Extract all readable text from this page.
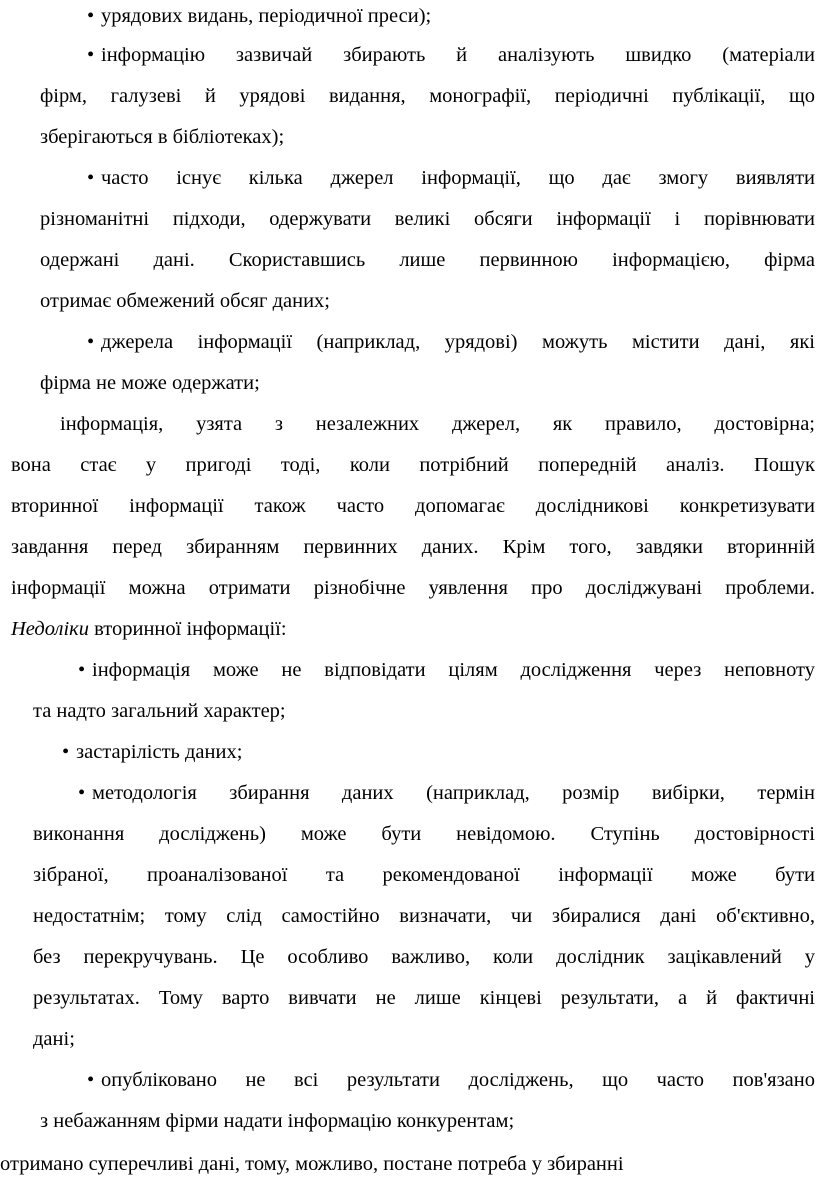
• урядових видань, періодичної преси);
• інформацію зазвичай збирають й аналізують швидко (матеріали
фірм, галузеві й урядові видання, монографії, періодичні публікації, що
зберігаються в бібліотеках);
• часто існує кілька джерел інформації, що дає змогу виявляти
різноманітні підходи, одержувати великі обсяги інформації і порівнювати
одержані дані. Скориставшись лише первинною інформацією, фірма
отримає обмежений обсяг даних;
• джерела інформації (наприклад, урядові) можуть містити дані, які
фірма не може одержати;
інформація, узята з незалежних джерел, як правило, достовірна;
вона стає у пригоді тоді, коли потрібний попередній аналіз. Пошук
вторинної інформації також часто допомагає дослідникові конкретизувати
завдання перед збиранням первинних даних. Крім того, завдяки вторинній
інформації можна отримати різнобічне уявлення про досліджувані проблеми.
Недоліки вторинної інформації:
• інформація може не відповідати цілям дослідження через неповноту
та надто загальний характер;
• застарілість даних;
• методологія збирання даних (наприклад, розмір вибірки, термін
виконання досліджень) може бути невідомою. Ступінь достовірності
зібраної, проаналізованої та рекомендованої інформації може бути
недостатнім; тому слід самостійно визначати, чи збиралися дані об'єктивно,
без перекручувань. Це особливо важливо, коли дослідник зацікавлений у
результатах. Тому варто вивчати не лише кінцеві результати, а й фактичні
дані;
• опубліковано не всі результати досліджень, що часто пов'язано
з небажанням фірми надати інформацію конкурентам;
отримано суперечливі дані, тому, можливо, постане потреба у збиранні
